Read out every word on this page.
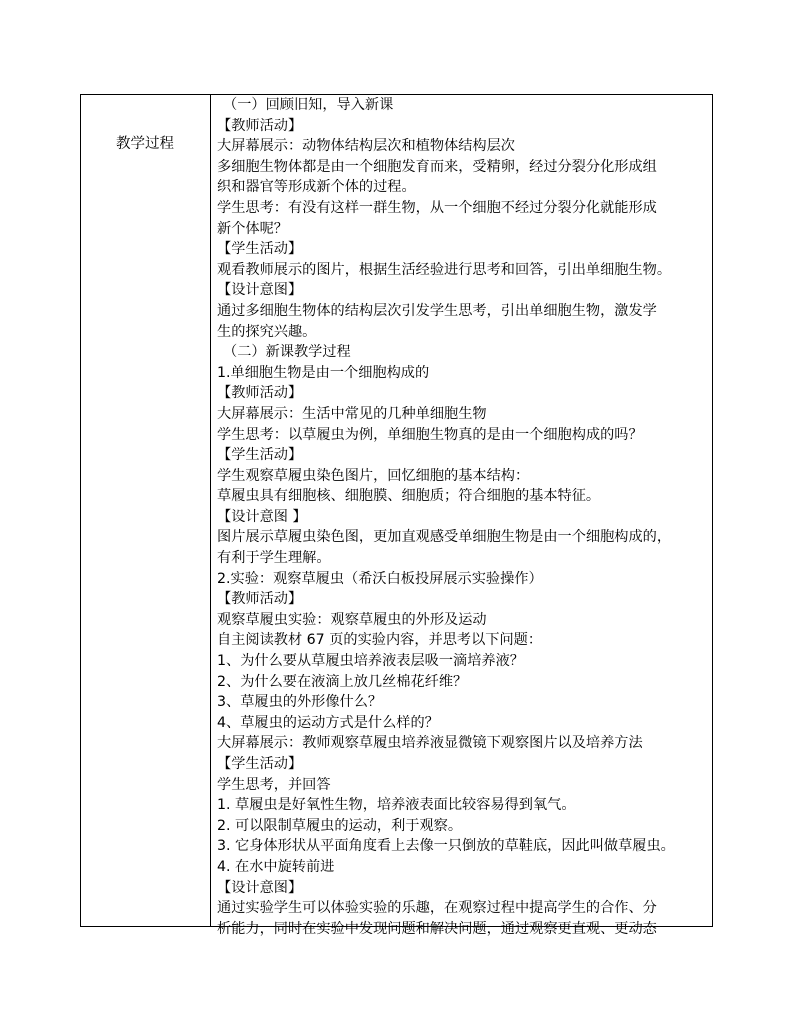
教学过程
（一）回顾旧知，导入新课
【教师活动】
大屏幕展示：动物体结构层次和植物体结构层次
多细胞生物体都是由一个细胞发育而来，受精卵，经过分裂分化形成组
织和器官等形成新个体的过程。
学生思考：有没有这样一群生物，从一个细胞不经过分裂分化就能形成
新个体呢？
【学生活动】
观看教师展示的图片，根据生活经验进行思考和回答，引出单细胞生物。
【设计意图】
通过多细胞生物体的结构层次引发学生思考，引出单细胞生物，激发学
生的探究兴趣。
（二）新课教学过程
1.单细胞生物是由一个细胞构成的
【教师活动】
大屏幕展示：生活中常见的几种单细胞生物
学生思考：以草履虫为例，单细胞生物真的是由一个细胞构成的吗？
【学生活动】
学生观察草履虫染色图片，回忆细胞的基本结构：
草履虫具有细胞核、细胞膜、细胞质；符合细胞的基本特征。
【设计意图 】
图片展示草履虫染色图，更加直观感受单细胞生物是由一个细胞构成的，
有利于学生理解。
2.实验：观察草履虫（希沃白板投屏展示实验操作）
【教师活动】
观察草履虫实验：观察草履虫的外形及运动
自主阅读教材 67 页的实验内容，并思考以下问题：
1、为什么要从草履虫培养液表层吸一滴培养液？
2、为什么要在液滴上放几丝棉花纤维？
3、草履虫的外形像什么？
4、草履虫的运动方式是什么样的？
大屏幕展示：教师观察草履虫培养液显微镜下观察图片以及培养方法
【学生活动】
学生思考，并回答
1. 草履虫是好氧性生物，培养液表面比较容易得到氧气。
2. 可以限制草履虫的运动，利于观察。
3. 它身体形状从平面角度看上去像一只倒放的草鞋底，因此叫做草履虫。
4. 在水中旋转前进
【设计意图】
通过实验学生可以体验实验的乐趣，在观察过程中提高学生的合作、分
析能力，同时在实验中发现问题和解决问题，通过观察更直观、更动态
